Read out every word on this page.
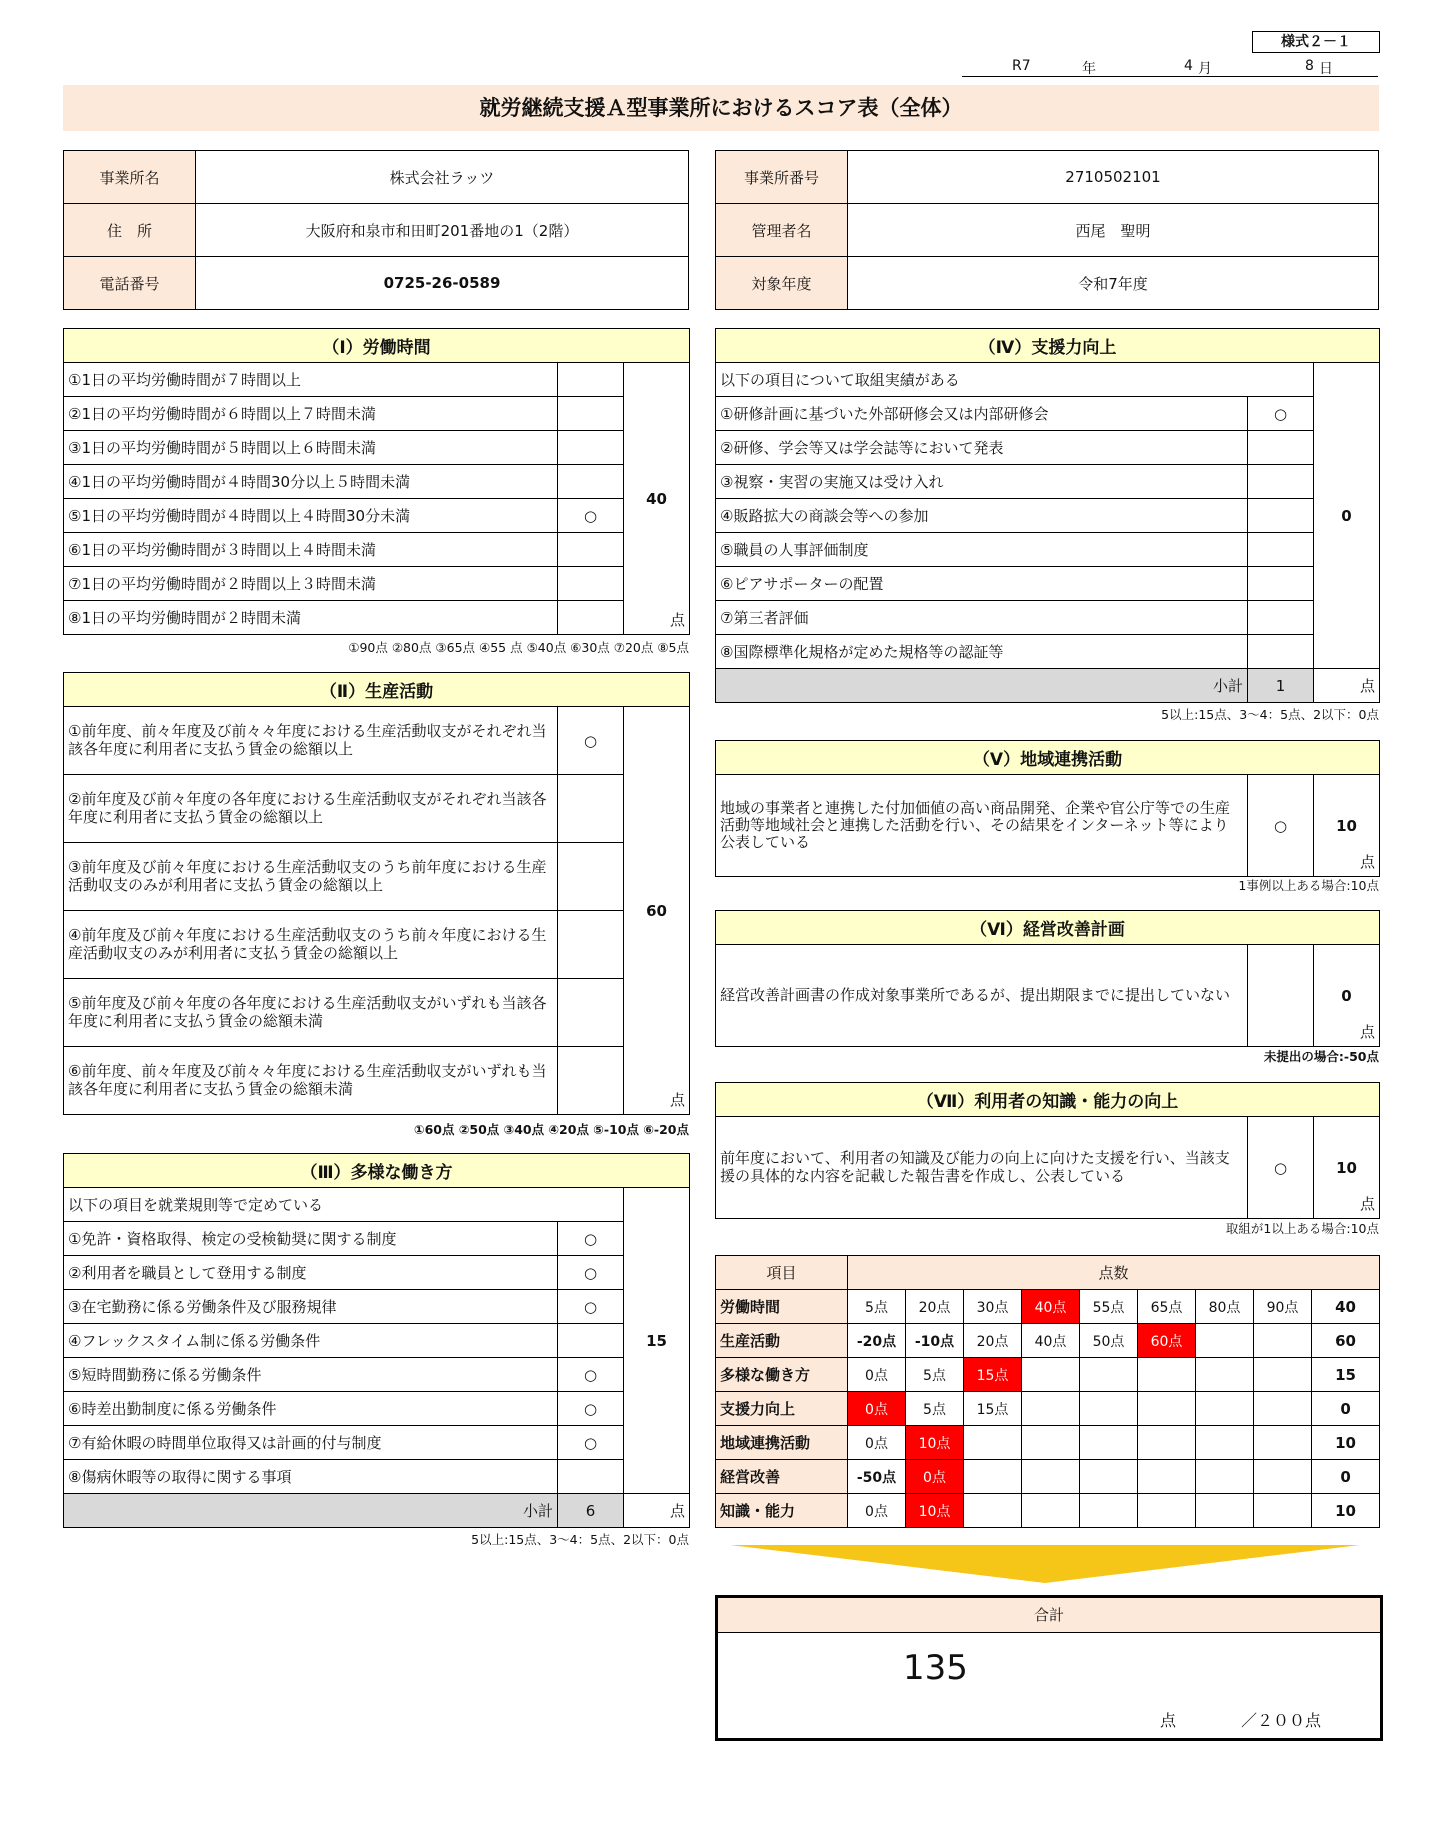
様式２－１
R7	年	4 月	8 日
就労継続支援Ａ型事業所におけるスコア表（全体）
事業所名	株式会社ラッツ
住　所	大阪府和泉市和田町201番地の1（2階）
電話番号	0725-26-0589
事業所番号	2710502101
管理者名	西尾　聖明
対象年度	令和7年度
（Ⅰ）労働時間		
①1日の平均労働時間が７時間以上		40
点

②1日の平均労働時間が６時間以上７時間未満		
③1日の平均労働時間が５時間以上６時間未満		
④1日の平均労働時間が４時間30分以上５時間未満		
⑤1日の平均労働時間が４時間以上４時間30分未満	○	
⑥1日の平均労働時間が３時間以上４時間未満		
⑦1日の平均労働時間が２時間以上３時間未満		
⑧1日の平均労働時間が２時間未満		
①90点 ②80点 ③65点 ④55 点 ⑤40点 ⑥30点 ⑦20点 ⑧5点
（Ⅱ）生産活動		
①前年度、前々年度及び前々々年度における生産活動収支がそれぞれ当該各年度に利用者に支払う賃金の総額以上	○	60
点

②前年度及び前々年度の各年度における生産活動収支がそれぞれ当該各年度に利用者に支払う賃金の総額以上		
③前年度及び前々年度における生産活動収支のうち前年度における生産活動収支のみが利用者に支払う賃金の総額以上		
④前年度及び前々年度における生産活動収支のうち前々年度における生産活動収支のみが利用者に支払う賃金の総額以上		
⑤前年度及び前々年度の各年度における生産活動収支がいずれも当該各年度に利用者に支払う賃金の総額未満		
⑥前年度、前々年度及び前々々年度における生産活動収支がいずれも当該各年度に利用者に支払う賃金の総額未満		
①60点 ②50点 ③40点 ④20点 ⑤-10点 ⑥-20点
（Ⅲ）多様な働き方		
以下の項目を就業規則等で定めている		15
①免許・資格取得、検定の受検勧奨に関する制度	○	
②利用者を職員として登用する制度	○	
③在宅勤務に係る労働条件及び服務規律	○	
④フレックスタイム制に係る労働条件		
⑤短時間勤務に係る労働条件	○	
⑥時差出勤制度に係る労働条件	○	
⑦有給休暇の時間単位取得又は計画的付与制度	○	
⑧傷病休暇等の取得に関する事項		
小計	6	点
5以上:15点、3～4：5点、2以下：0点
（Ⅳ）支援力向上		
以下の項目について取組実績がある		0
①研修計画に基づいた外部研修会又は内部研修会	○	
②研修、学会等又は学会誌等において発表		
③視察・実習の実施又は受け入れ		
④販路拡大の商談会等への参加		
⑤職員の人事評価制度		
⑥ピアサポーターの配置		
⑦第三者評価		
⑧国際標準化規格が定めた規格等の認証等		
小計	1	点
5以上:15点、3～4：5点、2以下：0点
（Ⅴ）地域連携活動
地域の事業者と連携した付加価値の高い商品開発、企業や官公庁等での生産活動等地域社会と連携した活動を行い、その結果をインターネット等により公表している	○	10
点
1事例以上ある場合:10点
（Ⅵ）経営改善計画
経営改善計画書の作成対象事業所であるが、提出期限までに提出していない		0
点
未提出の場合:-50点
（Ⅶ）利用者の知識・能力の向上
前年度において、利用者の知識及び能力の向上に向けた支援を行い、当該支援の具体的な内容を記載した報告書を作成し、公表している	○	10
点
取組が1以上ある場合:10点
項目	点数								
労働時間	5点	20点	30点	40点	55点	65点	80点	90点	40
生産活動	-20点	-10点	20点	40点	50点	60点			60
多様な働き方	0点	5点	15点						15
支援力向上	0点	5点	15点						0
地域連携活動	0点	10点							10
経営改善	-50点	0点							0
知識・能力	0点	10点							10
合計
135
点	／２００点
